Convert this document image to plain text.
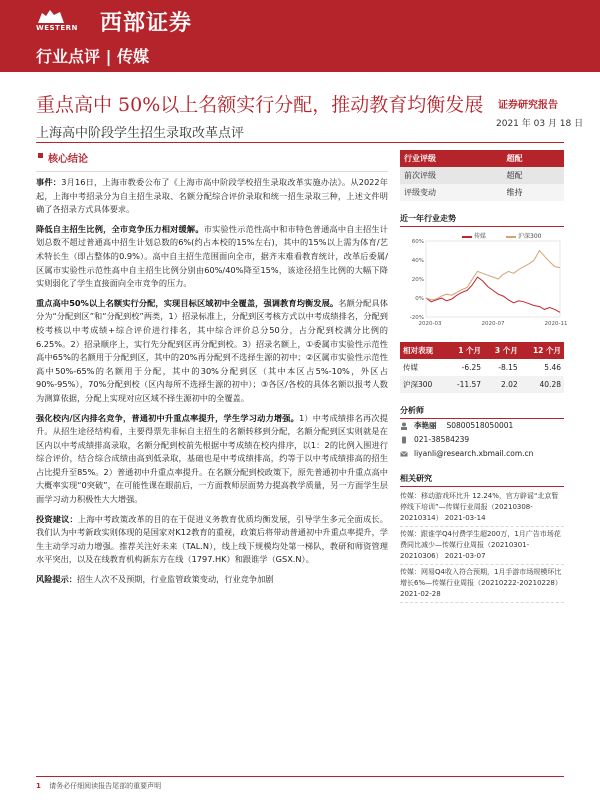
WESTERN 西部证券
行业点评 | 传媒
重点高中 50%以上名额实行分配，推动教育均衡发展
上海高中阶段学生招生录取改革点评
证券研究报告
2021 年 03 月 18 日
核心结论

事件：3月16日，上海市教委公布了《上海市高中阶段学校招生录取改革实施办法》。从2022年起，上海中考招录分为自主招生录取、名额分配综合评价录取和统一招生录取三种，上述文件明确了各招录方式具体要求。

降低自主招生比例，全市竞争压力相对缓解。市实验性示范性高中和市特色普通高中自主招生计划总数不超过普通高中招生计划总数的6%(约占本校的15%左右)，其中的15%以上需为体育/艺术特长生（即占整体的0.9%）。高中自主招生范围面向全市，据齐末难看教育统计，改革后委属/区属市实验性示范性高中自主招生比例分别由60%/40%降至15%，该途径招生比例的大幅下降实则弱化了学生直接面向全市竞争的压力。

重点高中50%以上名额实行分配，实现目标区域初中全覆盖，强调教育均衡发展。名额分配具体分为“分配到区”和“分配到校”两类，1）招录标准上，分配到区考核方式以中考成绩排名，分配到校考核以中考成绩+综合评价进行排名，其中综合评价总分50分，占分配到校满分比例的6.25%。2）招录顺序上，实行先分配到区再分配到校。3）招录名额上，①委属市实验性示范性高中65%的名额用于分配到区，其中的20%再分配到不选择生源的初中；②区属市实验性示范性高中50%-65%的名额用于分配，其中的30%分配到区（其中本区占5%-10%，外区占90%-95%），70%分配到校（区内每所不选择生源的初中）；③各区/各校的具体名额以报考人数为测算依据，分配上实现对应区域不择生源初中的全覆盖。

强化校内/区内排名竞争，普通初中升重点率提升，学生学习动力增强。1）中考成绩排名再次提升。从招生途径结构看，主要得票先非标自主招生的名额转移到分配，名额分配到区实则就是在区内以中考成绩排高录取，名额分配到校前先根据中考成绩在校内排序，以1：2的比例入围进行综合评价，结合综合成绩由高到低录取，基础也是中考成绩排高，约等于以中考成绩排高的招生占比提升至85%。2）普通初中升重点率提升。在名额分配到校政策下，原先普通初中升重点高中大概率实现“0突破”，在可能性课在眼前后，一方面教师层面势力提高教学质量，另一方面学生层面学习动力积极性大大增强。

投资建议：上海中考政策改革的目的在于促进义务教育优质均衡发展，引导学生多元全面成长。我们认为中考新政实则体现的是国家对K12教育的重视，政策后将带动普通初中升重点率提升，学生主动学习动力增强。推荐关注好未来（TAL.N），线上线下规模均处第一梯队，教研和师资管理水平突出，以及在线教育机构新东方在线（1797.HK）和跟谁学（GSX.N）。

风险提示：招生人次不及预期，行业监管政策变动，行业竞争加剧

行业评级	超配
前次评级	超配
评级变动	维持
近一年行业走势
传媒	沪深300
-20%
0%
20%
40%
60%
2020-03	2020-07	2020-11
相对表现	1 个月	3 个月	12 个月
传媒	-6.25	-8.15	5.46
沪深300	-11.57	2.02	40.28
分析师
李艳丽 S0800518050001
021-38584239
liyanli@research.xbmail.com.cn
相关研究
传媒：移动游戏环比升 12.24%，官方辟谣“北京暂停线下培训”—传媒行业周报（20210308-20210314） 2021-03-14
传媒：跟谁学Q4付费学生超200万，1月广告市场花费同比减少—传媒行业周报（20210301-20210306） 2021-03-07
传媒：网易Q4收入符合预期，1月手游市场规模环比增长6%—传媒行业周报（20210222-20210228） 2021-02-28
1 请务必仔细阅读报告尾部的重要声明
